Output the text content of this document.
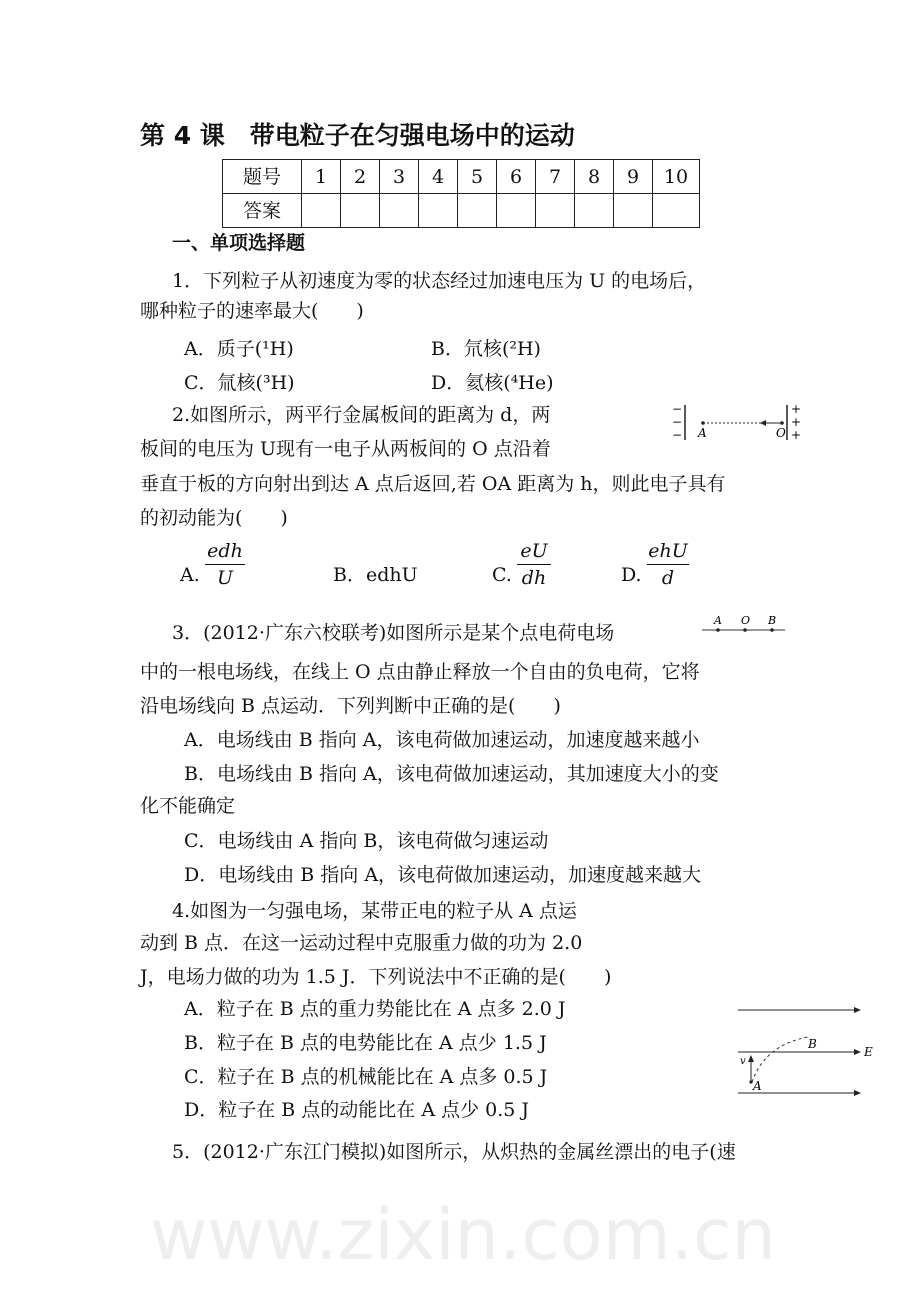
www.zixin.com.cn
第 4 课　带电粒子在匀强电场中的运动
题号	1	2	3	4	5	6	7	8	9	10
答案										
一、单项选择题
1．下列粒子从初速度为零的状态经过加速电压为 U 的电场后，
哪种粒子的速率最大(　　)
A．质子(¹H)	B．氘核(²H)
C．氚核(³H)	D．氦核(⁴He)
2.如图所示，两平行金属板间的距离为 d，两
板间的电压为 U现有一电子从两板间的 O 点沿着
垂直于板的方向射出到达 A 点后返回,若 OA 距离为 h，则此电子具有
的初动能为(　　)
−
−
−
+
+
+
A	O
A.
edh
U	B．edhU	C.
eU
dh	D.
ehU
d
3．(2012·广东六校联考)如图所示是某个点电荷电场
A O B
中的一根电场线，在线上 O 点由静止释放一个自由的负电荷，它将
沿电场线向 B 点运动．下列判断中正确的是(　　)
A．电场线由 B 指向 A，该电荷做加速运动，加速度越来越小
B．电场线由 B 指向 A，该电荷做加速运动，其加速度大小的变
化不能确定
C．电场线由 A 指向 B，该电荷做匀速运动
D．电场线由 B 指向 A，该电荷做加速运动，加速度越来越大
4.如图为一匀强电场，某带正电的粒子从 A 点运
动到 B 点．在这一运动过程中克服重力做的功为 2.0
J，电场力做的功为 1.5 J．下列说法中不正确的是(　　)
A
B
E
v
A．粒子在 B 点的重力势能比在 A 点多 2.0 J
B．粒子在 B 点的电势能比在 A 点少 1.5 J
C．粒子在 B 点的机械能比在 A 点多 0.5 J
D．粒子在 B 点的动能比在 A 点少 0.5 J
5．(2012·广东江门模拟)如图所示，从炽热的金属丝漂出的电子(速
